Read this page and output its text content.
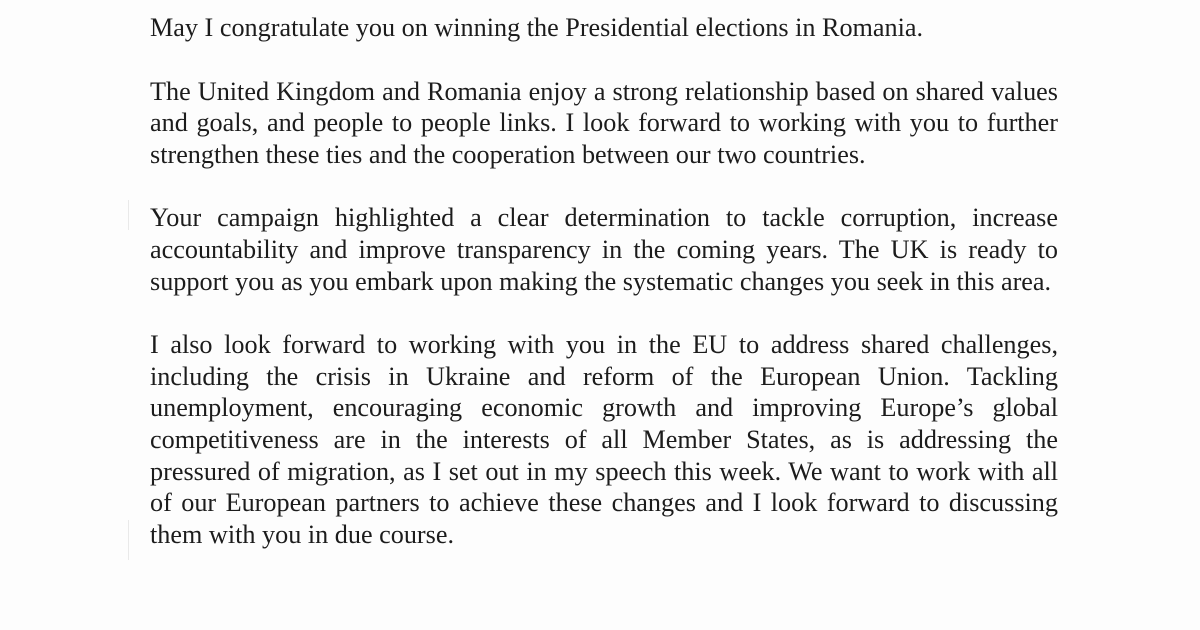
May I congratulate you on winning the Presidential elections in Romania.

The United Kingdom and Romania enjoy a strong relationship based on shared values and goals, and people to people links. I look forward to working with you to further strengthen these ties and the cooperation between our two countries.

Your campaign highlighted a clear determination to tackle corruption, increase accountability and improve transparency in the coming years. The UK is ready to support you as you embark upon making the systematic changes you seek in this area.

I also look forward to working with you in the EU to address shared challenges, including the crisis in Ukraine and reform of the European Union. Tackling unemployment, encouraging economic growth and improving Europe’s global competitiveness are in the interests of all Member States, as is addressing the pressured of migration, as I set out in my speech this week. We want to work with all of our European partners to achieve these changes and I look forward to discussing them with you in due course.
